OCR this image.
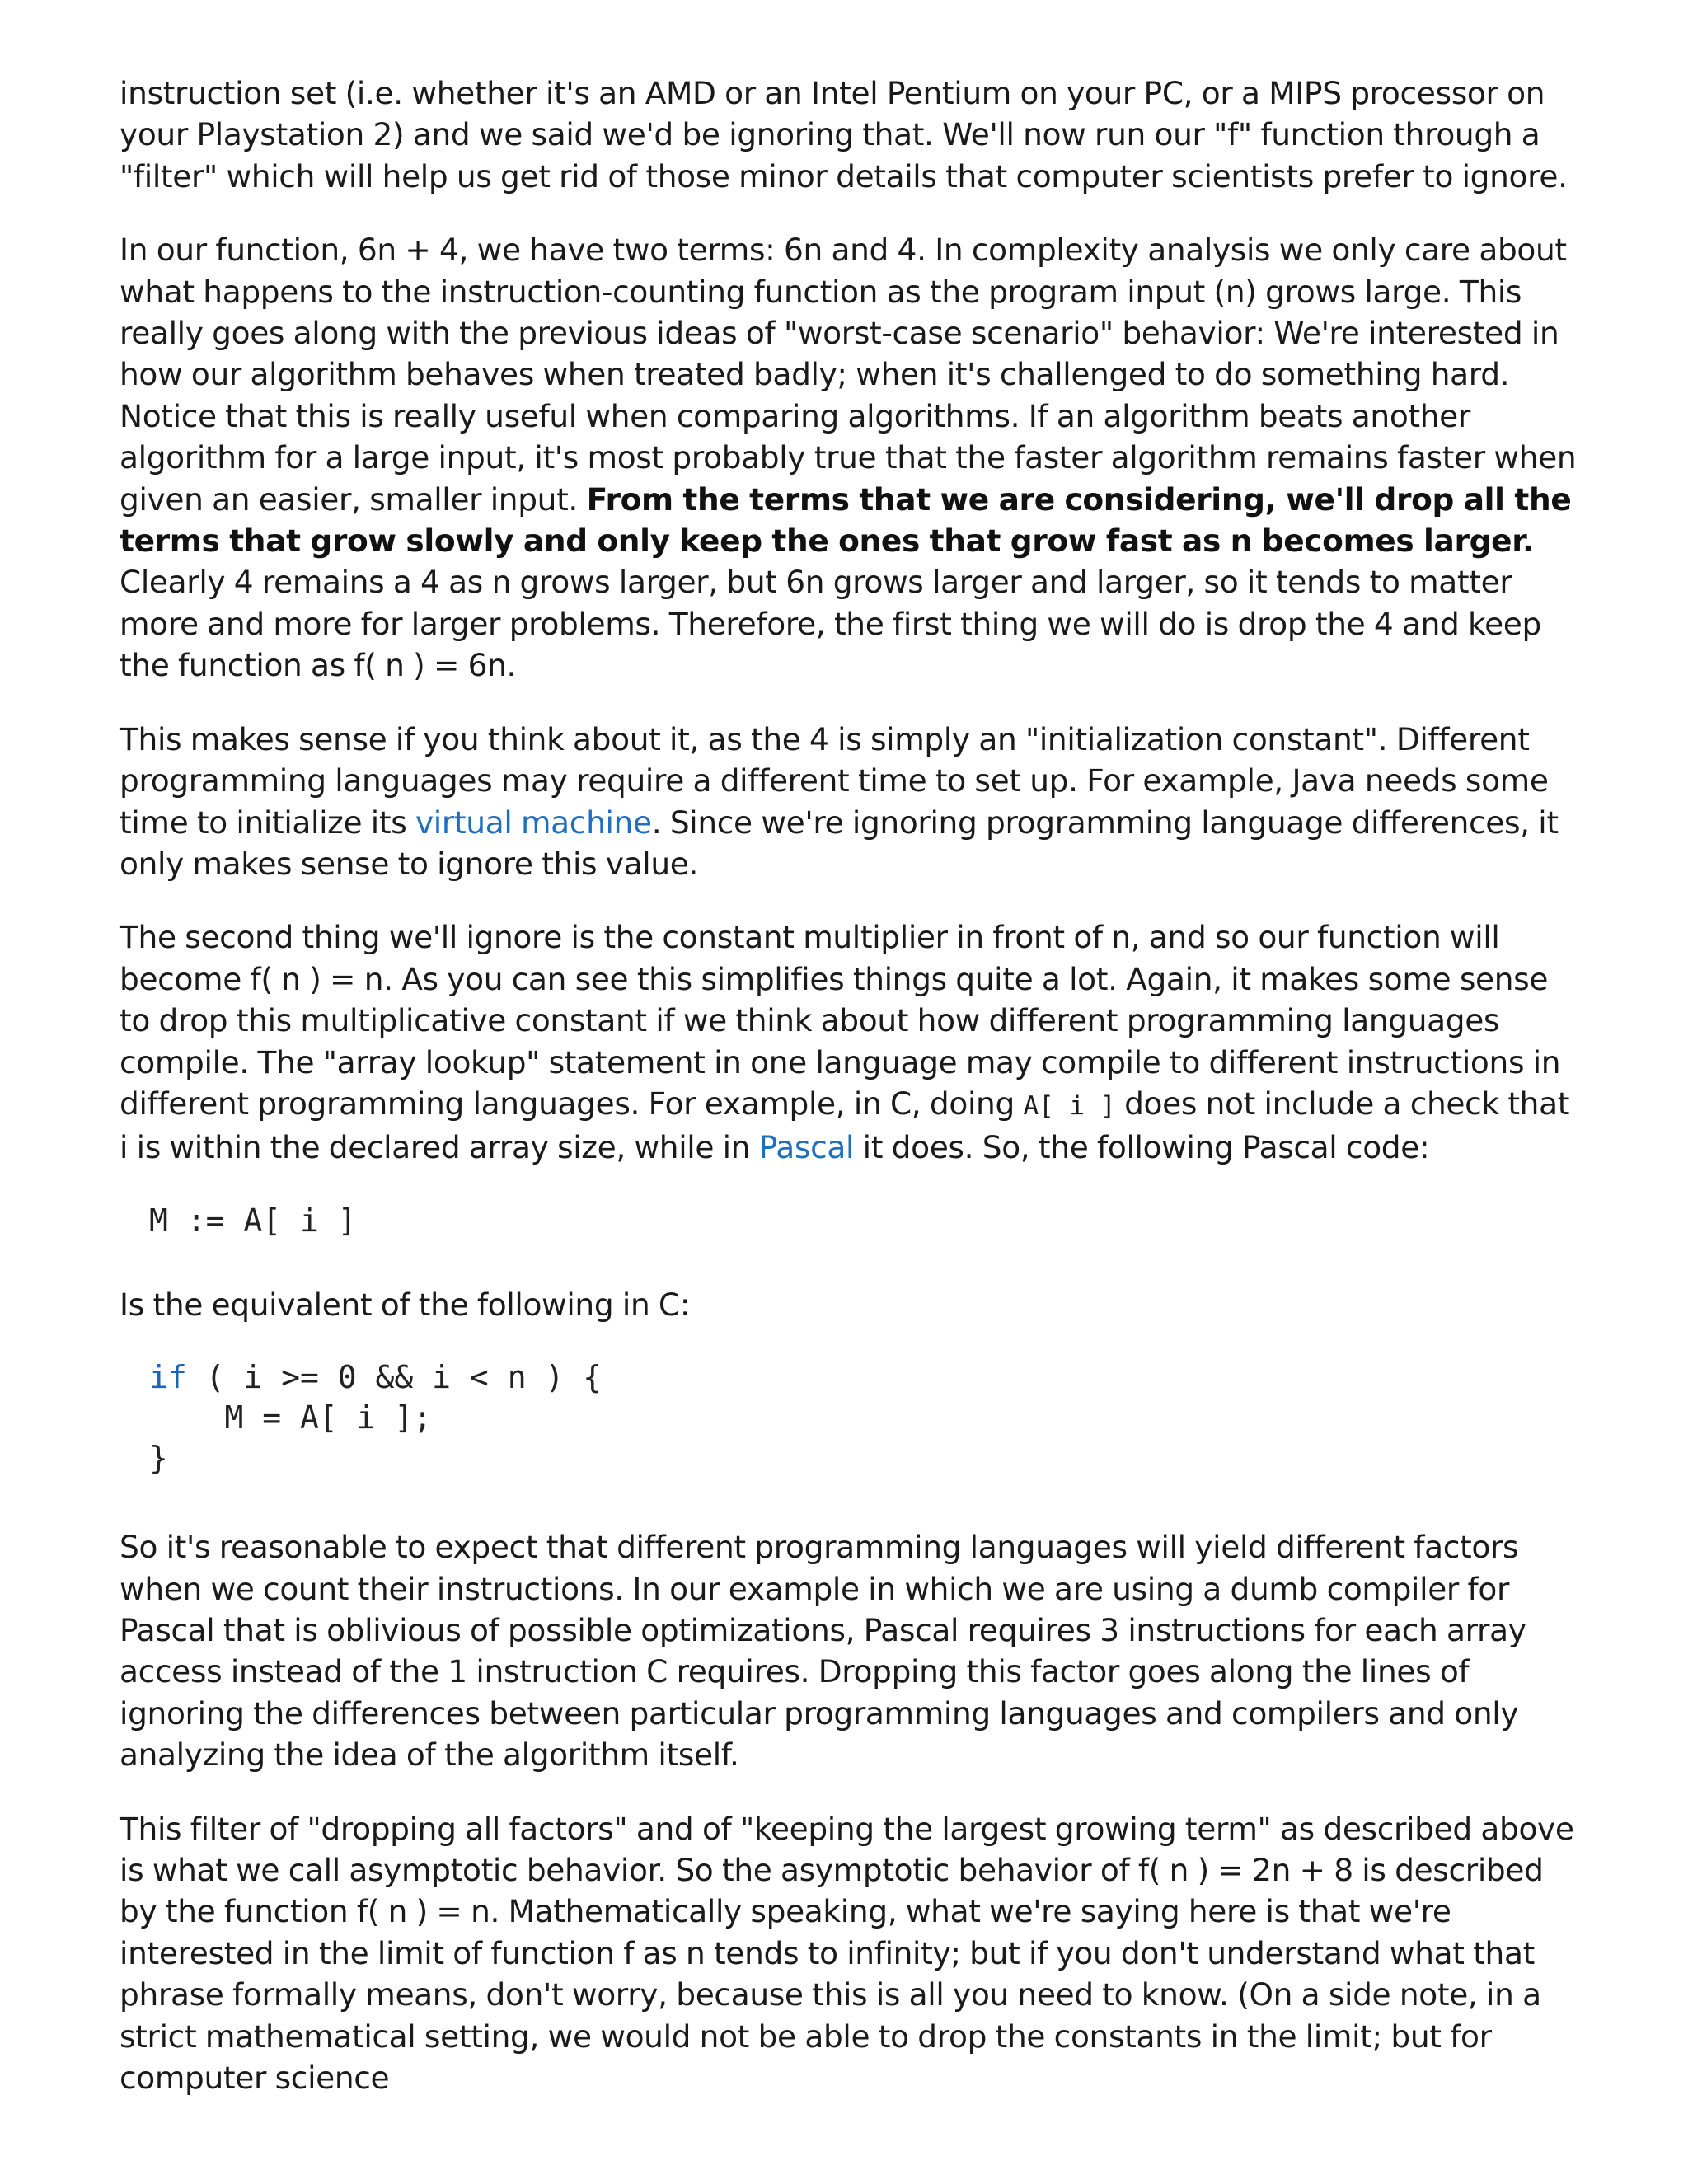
instruction set (i.e. whether it's an AMD or an Intel Pentium on your PC, or a MIPS processor on your Playstation 2) and we said we'd be ignoring that. We'll now run our "f" function through a "filter" which will help us get rid of those minor details that computer scientists prefer to ignore.

In our function, 6n + 4, we have two terms: 6n and 4. In complexity analysis we only care about what happens to the instruction-counting function as the program input (n) grows large. This really goes along with the previous ideas of "worst-case scenario" behavior: We're interested in how our algorithm behaves when treated badly; when it's challenged to do something hard. Notice that this is really useful when comparing algorithms. If an algorithm beats another algorithm for a large input, it's most probably true that the faster algorithm remains faster when given an easier, smaller input. From the terms that we are considering, we'll drop all the terms that grow slowly and only keep the ones that grow fast as n becomes larger. Clearly 4 remains a 4 as n grows larger, but 6n grows larger and larger, so it tends to matter more and more for larger problems. Therefore, the first thing we will do is drop the 4 and keep the function as f( n ) = 6n.

This makes sense if you think about it, as the 4 is simply an "initialization constant". Different programming languages may require a different time to set up. For example, Java needs some time to initialize its virtual machine. Since we're ignoring programming language differences, it only makes sense to ignore this value.

The second thing we'll ignore is the constant multiplier in front of n, and so our function will become f( n ) = n. As you can see this simplifies things quite a lot. Again, it makes some sense to drop this multiplicative constant if we think about how different programming languages compile. The "array lookup" statement in one language may compile to different instructions in different programming languages. For example, in C, doing A[ i ] does not include a check that i is within the declared array size, while in Pascal it does. So, the following Pascal code:

M := A[ i ]

Is the equivalent of the following in C:

if ( i >= 0 && i < n ) {
M = A[ i ];
}

So it's reasonable to expect that different programming languages will yield different factors when we count their instructions. In our example in which we are using a dumb compiler for Pascal that is oblivious of possible optimizations, Pascal requires 3 instructions for each array access instead of the 1 instruction C requires. Dropping this factor goes along the lines of ignoring the differences between particular programming languages and compilers and only analyzing the idea of the algorithm itself.

This filter of "dropping all factors" and of "keeping the largest growing term" as described above is what we call asymptotic behavior. So the asymptotic behavior of f( n ) = 2n + 8 is described by the function f( n ) = n. Mathematically speaking, what we're saying here is that we're interested in the limit of function f as n tends to infinity; but if you don't understand what that phrase formally means, don't worry, because this is all you need to know. (On a side note, in a strict mathematical setting, we would not be able to drop the constants in the limit; but for computer science
